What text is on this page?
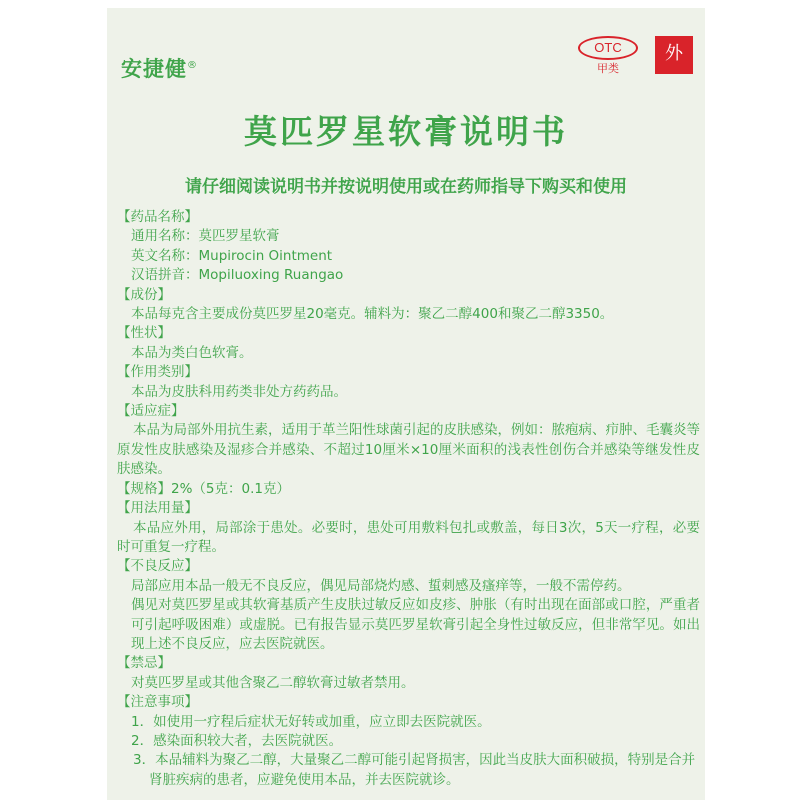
安捷健®
OTC
甲类
外
莫匹罗星软膏说明书
请仔细阅读说明书并按说明使用或在药师指导下购买和使用

【药品名称】

通用名称：莫匹罗星软膏

英文名称：Mupirocin Ointment

汉语拼音：Mopiluoxing Ruangao

【成份】

本品每克含主要成份莫匹罗星20毫克。辅料为：聚乙二醇400和聚乙二醇3350。

【性状】

本品为类白色软膏。

【作用类别】

本品为皮肤科用药类非处方药药品。

【适应症】

本品为局部外用抗生素，适用于革兰阳性球菌引起的皮肤感染，例如：脓疱病、疖肿、毛囊炎等原发性皮肤感染及湿疹合并感染、不超过10厘米×10厘米面积的浅表性创伤合并感染等继发性皮肤感染。

【规格】2%（5克：0.1克）

【用法用量】

本品应外用，局部涂于患处。必要时，患处可用敷料包扎或敷盖，每日3次，5天一疗程，必要时可重复一疗程。

【不良反应】

局部应用本品一般无不良反应，偶见局部烧灼感、蜇刺感及瘙痒等，一般不需停药。

偶见对莫匹罗星或其软膏基质产生皮肤过敏反应如皮疹、肿胀（有时出现在面部或口腔，严重者可引起呼吸困难）或虚脱。已有报告显示莫匹罗星软膏引起全身性过敏反应，但非常罕见。如出现上述不良反应，应去医院就医。

【禁忌】

对莫匹罗星或其他含聚乙二醇软膏过敏者禁用。

【注意事项】

1．如使用一疗程后症状无好转或加重，应立即去医院就医。

2．感染面积较大者，去医院就医。

3．本品辅料为聚乙二醇，大量聚乙二醇可能引起肾损害，因此当皮肤大面积破损，特别是合并肾脏疾病的患者，应避免使用本品，并去医院就诊。
